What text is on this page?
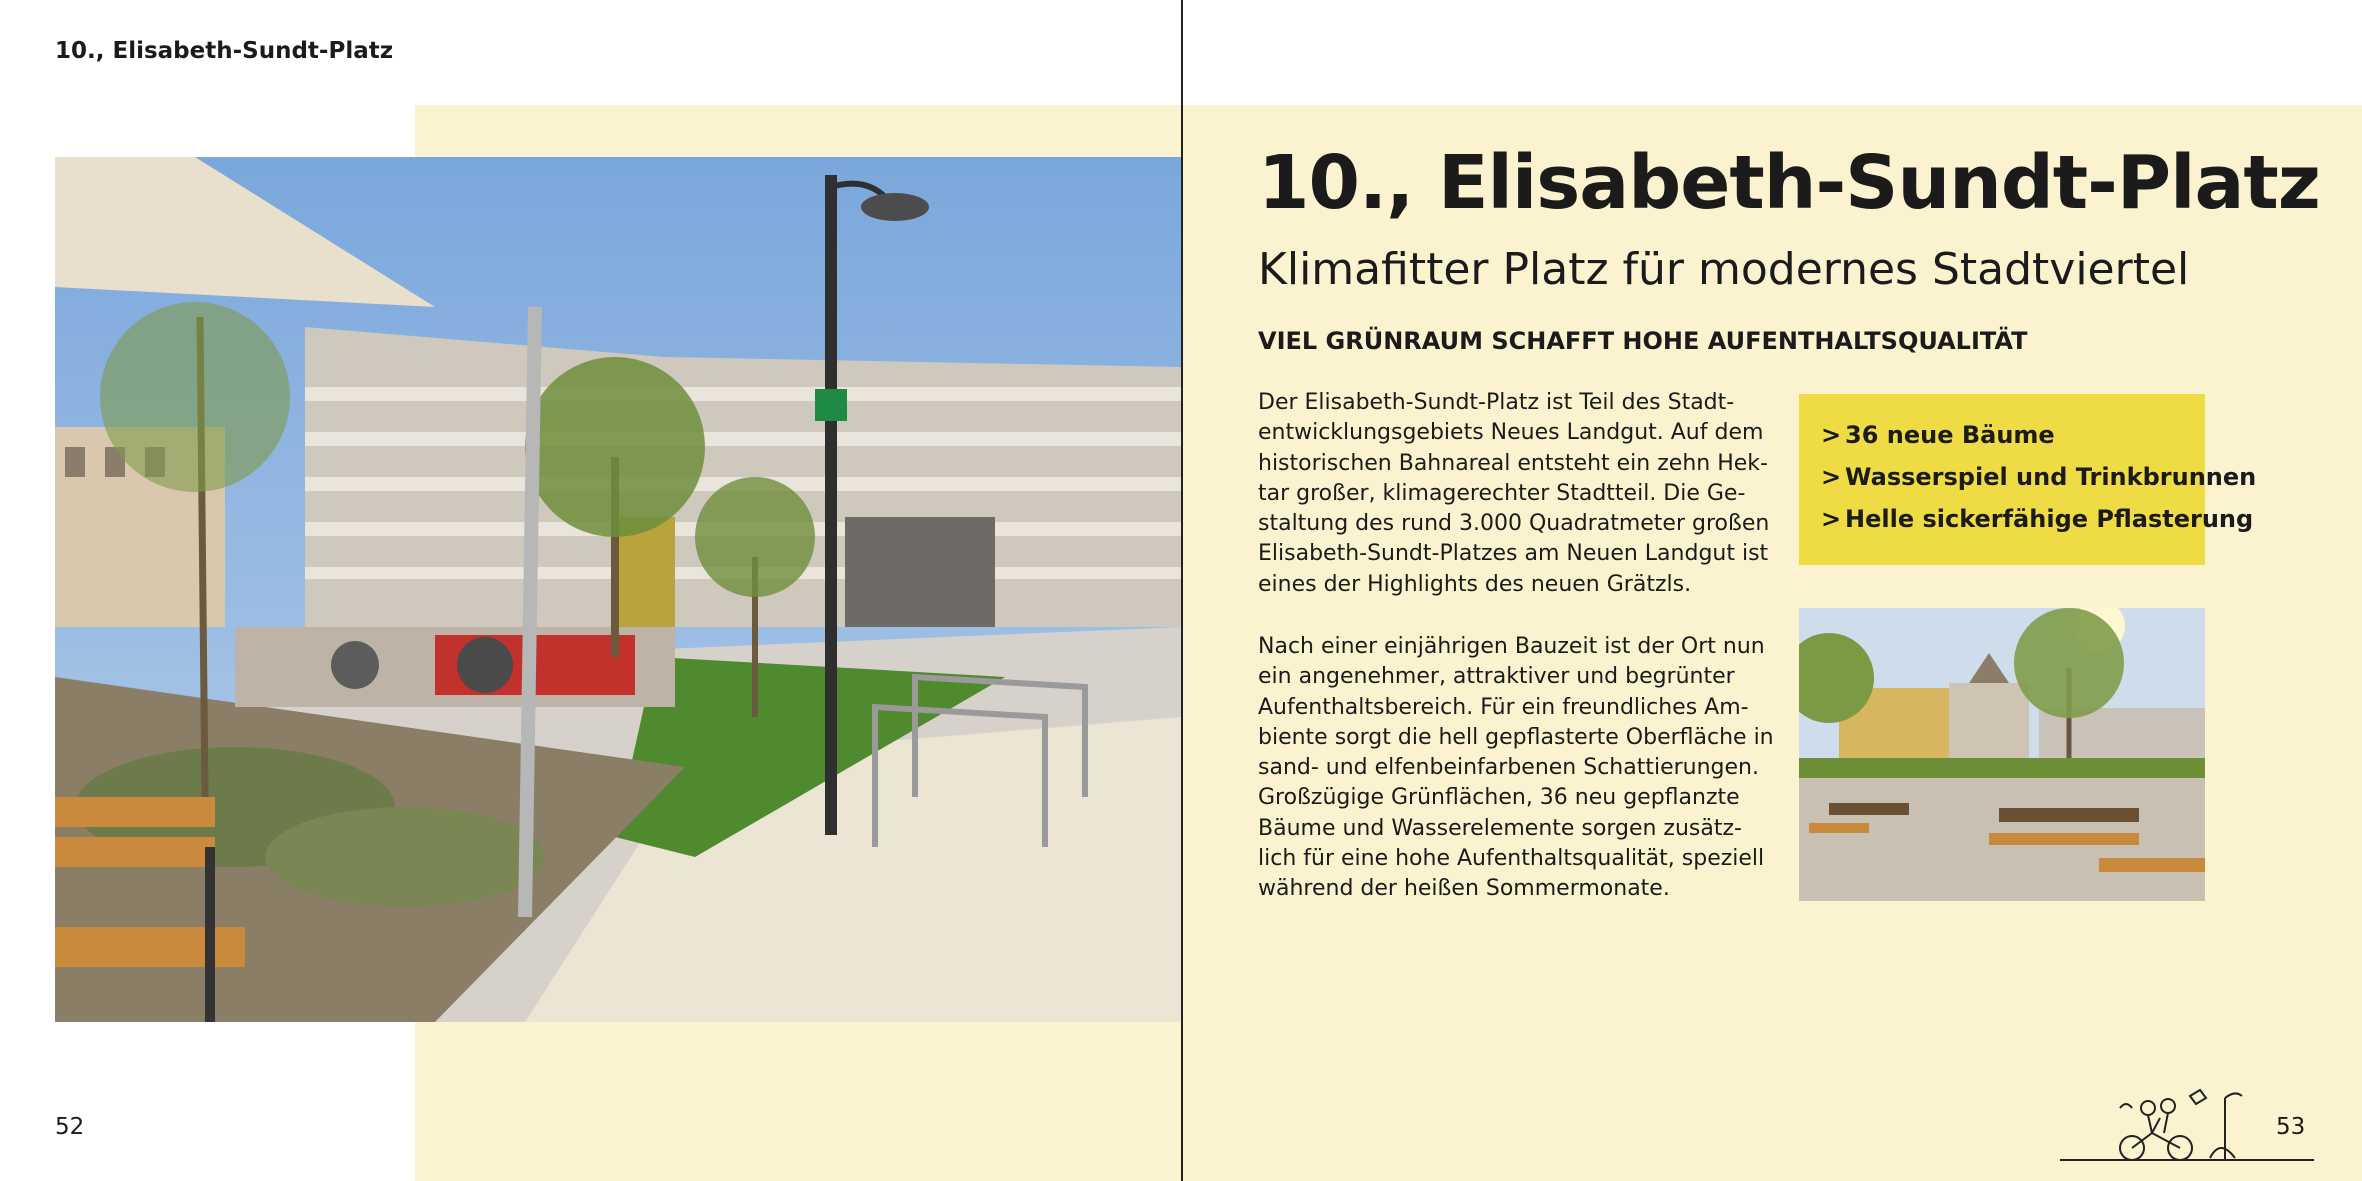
10., Elisabeth-Sundt-Platz
10., Elisabeth-Sundt-Platz
Klimafitter Platz für modernes Stadtviertel
VIEL GRÜNRAUM SCHAFFT HOHE AUFENTHALTSQUALITÄT

Der Elisabeth-Sundt-Platz ist Teil des Stadt-
entwicklungsgebiets Neues Landgut. Auf dem
historischen Bahnareal entsteht ein zehn Hek-
tar großer, klimagerechter Stadtteil. Die Ge-
staltung des rund 3.000 Quadratmeter großen
Elisabeth-Sundt-Platzes am Neuen Landgut ist
eines der Highlights des neuen Grätzls.

Nach einer einjährigen Bauzeit ist der Ort nun
ein angenehmer, attraktiver und begrünter
Aufenthaltsbereich. Für ein freundliches Am-
biente sorgt die hell gepflasterte Oberfläche in
sand- und elfenbeinfarbenen Schattierungen.
Großzügige Grünflächen, 36 neu gepflanzte
Bäume und Wasserelemente sorgen zusätz-
lich für eine hohe Aufenthaltsqualität, speziell
während der heißen Sommermonate.

> 36 neue Bäume
> Wasserspiel und Trinkbrunnen
> Helle sickerfähige Pflasterung
52	53
